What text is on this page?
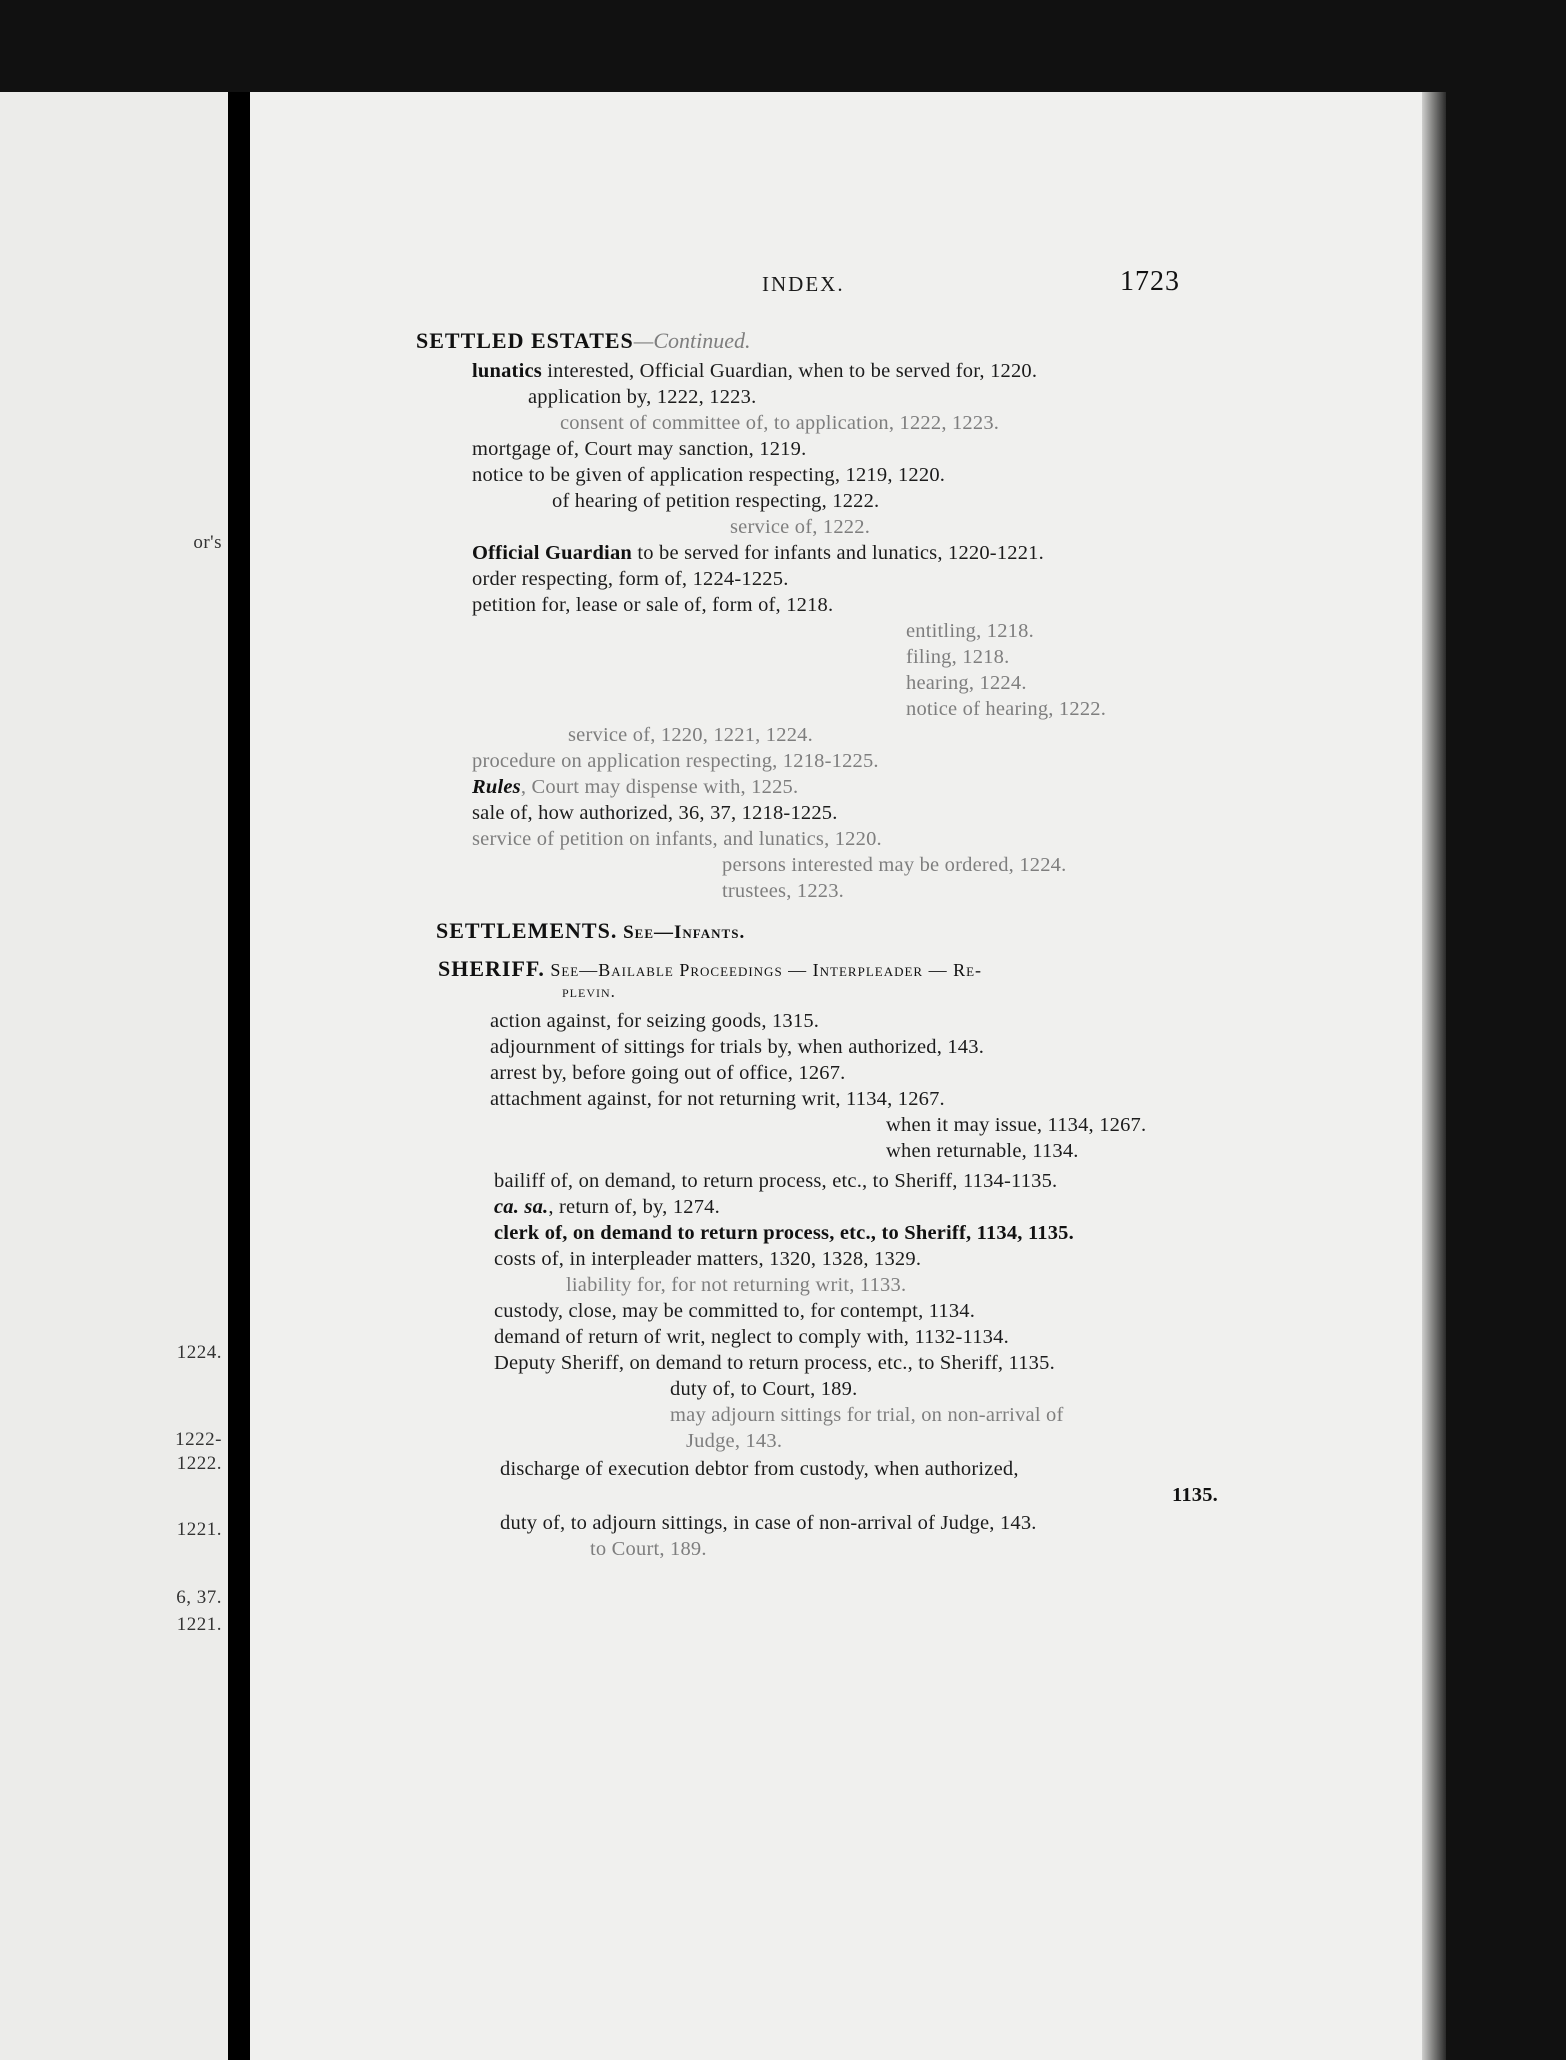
or's
1224.
1222-
1222.
1221.
6, 37.
1221.
INDEX.	1723
SETTLED ESTATES—Continued.
lunatics interested, Official Guardian, when to be served for, 1220.
application by, 1222, 1223.
consent of committee of, to application, 1222, 1223.
mortgage of, Court may sanction, 1219.
notice to be given of application respecting, 1219, 1220.
of hearing of petition respecting, 1222.
service of, 1222.
Official Guardian to be served for infants and lunatics, 1220-1221.
order respecting, form of, 1224-1225.
petition for, lease or sale of, form of, 1218.
entitling, 1218.
filing, 1218.
hearing, 1224.
notice of hearing, 1222.
service of, 1220, 1221, 1224.
procedure on application respecting, 1218-1225.
Rules, Court may dispense with, 1225.
sale of, how authorized, 36, 37, 1218-1225.
service of petition on infants, and lunatics, 1220.
persons interested may be ordered, 1224.
trustees, 1223.
SETTLEMENTS. See—Infants.
SHERIFF. See—Bailable Proceedings — Interpleader — Re-
plevin.
action against, for seizing goods, 1315.
adjournment of sittings for trials by, when authorized, 143.
arrest by, before going out of office, 1267.
attachment against, for not returning writ, 1134, 1267.
when it may issue, 1134, 1267.
when returnable, 1134.
bailiff of, on demand, to return process, etc., to Sheriff, 1134-1135.
ca. sa., return of, by, 1274.
clerk of, on demand to return process, etc., to Sheriff, 1134, 1135.
costs of, in interpleader matters, 1320, 1328, 1329.
liability for, for not returning writ, 1133.
custody, close, may be committed to, for contempt, 1134.
demand of return of writ, neglect to comply with, 1132-1134.
Deputy Sheriff, on demand to return process, etc., to Sheriff, 1135.
duty of, to Court, 189.
may adjourn sittings for trial, on non-arrival of
Judge, 143.
discharge of execution debtor from custody, when authorized,
1135.
duty of, to adjourn sittings, in case of non-arrival of Judge, 143.
to Court, 189.
